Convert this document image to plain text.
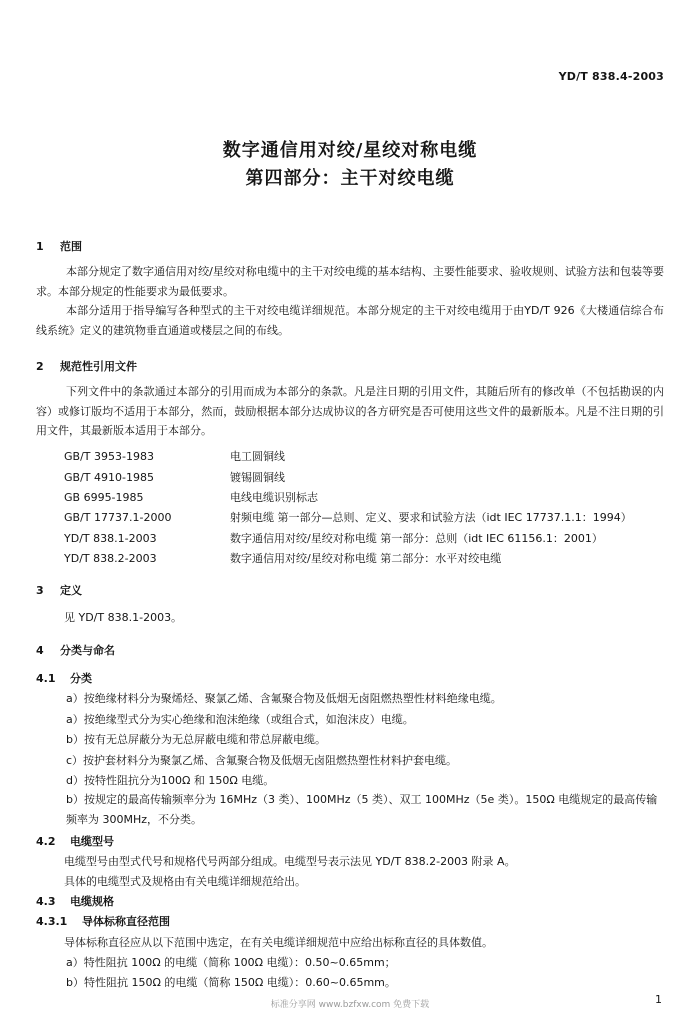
YD/T 838.4-2003
数字通信用对绞/星绞对称电缆
第四部分：主干对绞电缆
1 范围

本部分规定了数字通信用对绞/星绞对称电缆中的主干对绞电缆的基本结构、主要性能要求、验收规则、试验方法和包装等要求。本部分规定的性能要求为最低要求。

本部分适用于指导编写各种型式的主干对绞电缆详细规范。本部分规定的主干对绞电缆用于由YD/T 926《大楼通信综合布线系统》定义的建筑物垂直通道或楼层之间的布线。

2 规范性引用文件

下列文件中的条款通过本部分的引用而成为本部分的条款。凡是注日期的引用文件，其随后所有的修改单（不包括勘误的内容）或修订版均不适用于本部分，然而，鼓励根据本部分达成协议的各方研究是否可使用这些文件的最新版本。凡是不注日期的引用文件，其最新版本适用于本部分。

GB/T 3953-1983	电工圆铜线
GB/T 4910-1985	镀锡圆铜线
GB 6995-1985	电线电缆识别标志
GB/T 17737.1-2000	射频电缆 第一部分—总则、定义、要求和试验方法（idt IEC 17737.1.1：1994）
YD/T 838.1-2003	数字通信用对绞/星绞对称电缆 第一部分：总则（idt IEC 61156.1：2001）
YD/T 838.2-2003	数字通信用对绞/星绞对称电缆 第二部分：水平对绞电缆
3 定义
见 YD/T 838.1-2003。
4 分类与命名
4.1 分类
a）按绝缘材料分为聚烯烃、聚氯乙烯、含氟聚合物及低烟无卤阻燃热塑性材料绝缘电缆。
a）按绝缘型式分为实心绝缘和泡沫绝缘（或组合式，如泡沫皮）电缆。
b）按有无总屏蔽分为无总屏蔽电缆和带总屏蔽电缆。
c）按护套材料分为聚氯乙烯、含氟聚合物及低烟无卤阻燃热塑性材料护套电缆。
d）按特性阻抗分为100Ω 和 150Ω 电缆。
b）按规定的最高传输频率分为 16MHz（3 类）、100MHz（5 类）、双工 100MHz（5e 类）。150Ω 电缆规定的最高传输频率为 300MHz，不分类。
4.2 电缆型号
电缆型号由型式代号和规格代号两部分组成。电缆型号表示法见 YD/T 838.2-2003 附录 A。
具体的电缆型式及规格由有关电缆详细规范给出。
4.3 电缆规格
4.3.1 导体标称直径范围
导体标称直径应从以下范围中选定，在有关电缆详细规范中应给出标称直径的具体数值。
a）特性阻抗 100Ω 的电缆（简称 100Ω 电缆）：0.50~0.65mm；
b）特性阻抗 150Ω 的电缆（简称 150Ω 电缆）：0.60~0.65mm。
标准分享网 www.bzfxw.com 免费下载	1
